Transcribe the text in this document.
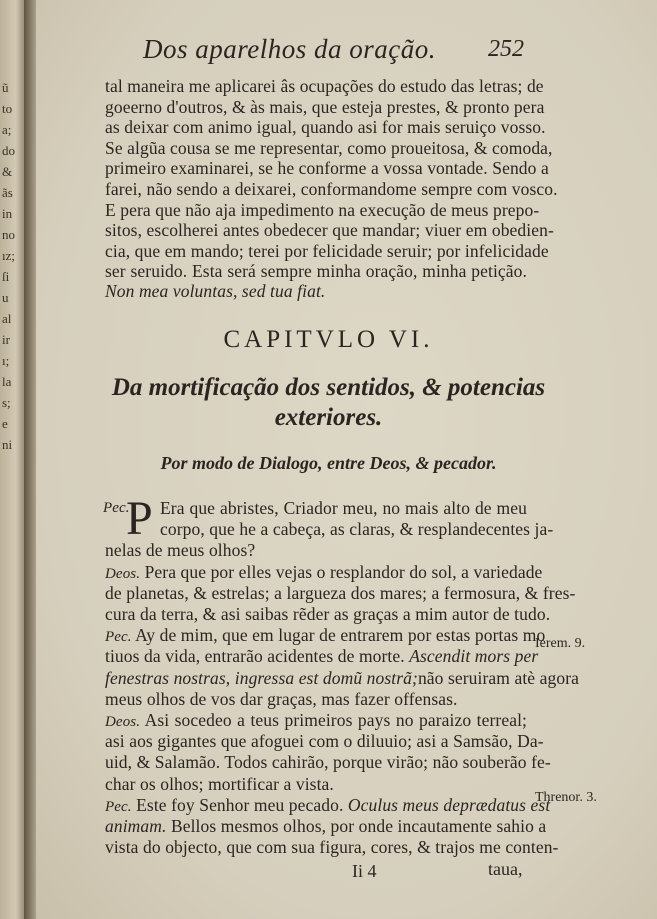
ũ
to
a;
do
&
ãs
in
no
ız;
ſi
u
al
ir
ı;
la
s;
e
ni
Dos aparelhos da oração. 252
tal maneira me aplicarei âs ocupações do estudo das letras; de
goeerno d'outros, & às mais, que esteja prestes, & pronto pera
as deixar com animo igual, quando asi for mais seruiço vosso.
Se algũa cousa se me representar, como proueitosa, & comoda,
primeiro examinarei, se he conforme a vossa vontade. Sendo a
farei, não sendo a deixarei, conformandome sempre com vosco.
E pera que não aja impedimento na execução de meus prepo-
sitos, escolherei antes obedecer que mandar; viuer em obedien-
cia, que em mando; terei por felicidade seruir; por infelicidade
ser seruido. Esta será sempre minha oração, minha petição.
Non mea voluntas, sed tua fiat.
CAPITVLO VI.
Da mortificação dos sentidos, & potencias
exteriores.
Por modo de Dialogo, entre Deos, & pecador.
P
Pec. Era que abristes, Criador meu, no mais alto de meu
corpo, que he a cabeça, as claras, & resplandecentes ja-
nelas de meus olhos?
Deos. Pera que por elles vejas o resplandor do sol, a variedade
de planetas, & estrelas; a largueza dos mares; a fermosura, & fres-
cura da terra, & asi saibas rẽder as graças a mim autor de tudo.
Pec. Ay de mim, que em lugar de entrarem por estas portas mo
tiuos da vida, entrarão acidentes de morte. Ascendit mors per
fenestras nostras, ingressa est domũ nostrã;não seruiram atè agora
meus olhos de vos dar graças, mas fazer offensas.
Deos. Asi socedeo a teus primeiros pays no paraizo terreal;
asi aos gigantes que afoguei com o diluuio; asi a Samsão, Da-
uid, & Salamão. Todos cahirão, porque virão; não souberão fe-
char os olhos; mortificar a vista.
Pec. Este foy Senhor meu pecado. Oculus meus deprædatus est
animam. Bellos mesmos olhos, por onde incautamente sahio a
vista do objecto, que com sua figura, cores, & trajos me conten-
Ierem. 9.
Threnor. 3.
Ii 4	taua,
